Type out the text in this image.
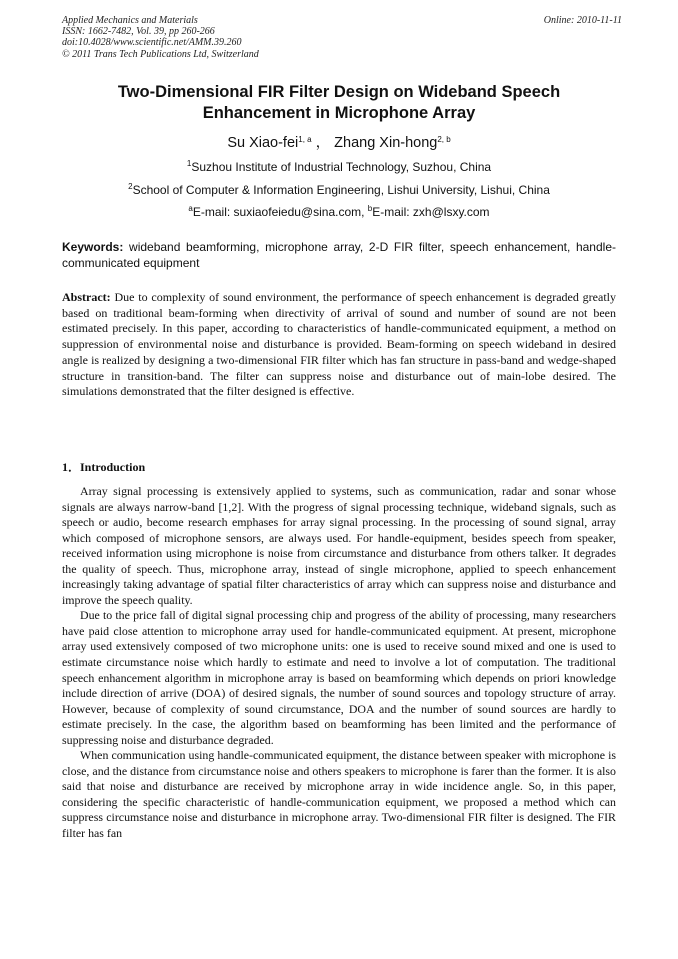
Applied Mechanics and Materials
ISSN: 1662-7482, Vol. 39, pp 260-266
doi:10.4028/www.scientific.net/AMM.39.260
© 2011 Trans Tech Publications Ltd, Switzerland
Online: 2010-11-11
Two-Dimensional FIR Filter Design on Wideband Speech
Enhancement in Microphone Array
Su Xiao-fei$^{1, a}$ ， Zhang Xin-hong$^{2, b}$
$^1$Suzhou Institute of Industrial Technology, Suzhou, China
$^2$School of Computer & Information Engineering, Lishui University, Lishui, China
$^a$E-mail: suxiaofeiedu@sina.com, $^b$E-mail: zxh@lsxy.com
Keywords: wideband beamforming, microphone array, 2-D FIR filter, speech enhancement, handle-communicated equipment
Abstract: Due to complexity of sound environment, the performance of speech enhancement is degraded greatly based on traditional beam-forming when directivity of arrival of sound and number of sound are not been estimated precisely. In this paper, according to characteristics of handle-communicated equipment, a method on suppression of environmental noise and disturbance is provided. Beam-forming on speech wideband in desired angle is realized by designing a two-dimensional FIR filter which has fan structure in pass-band and wedge-shaped structure in transition-band. The filter can suppress noise and disturbance out of main-lobe desired. The simulations demonstrated that the filter designed is effective.
1．Introduction

Array signal processing is extensively applied to systems, such as communication, radar and sonar whose signals are always narrow-band [1,2]. With the progress of signal processing technique, wideband signals, such as speech or audio, become research emphases for array signal processing. In the processing of sound signal, array which composed of microphone sensors, are always used. For handle-equipment, besides speech from speaker, received information using microphone is noise from circumstance and disturbance from others talker. It degrades the quality of speech. Thus, microphone array, instead of single microphone, applied to speech enhancement increasingly taking advantage of spatial filter characteristics of array which can suppress noise and disturbance and improve the speech quality.

Due to the price fall of digital signal processing chip and progress of the ability of processing, many researchers have paid close attention to microphone array used for handle-communicated equipment. At present, microphone array used extensively composed of two microphone units: one is used to receive sound mixed and one is used to estimate circumstance noise which hardly to estimate and need to involve a lot of computation. The traditional speech enhancement algorithm in microphone array is based on beamforming which depends on priori knowledge include direction of arrive (DOA) of desired signals, the number of sound sources and topology structure of array. However, because of complexity of sound circumstance, DOA and the number of sound sources are hardly to estimate precisely. In the case, the algorithm based on beamforming has been limited and the performance of suppressing noise and disturbance degraded.

When communication using handle-communicated equipment, the distance between speaker with microphone is close, and the distance from circumstance noise and others speakers to microphone is farer than the former. It is also said that noise and disturbance are received by microphone array in wide incidence angle. So, in this paper, considering the specific characteristic of handle-communication equipment, we proposed a method which can suppress circumstance noise and disturbance in microphone array. Two-dimensional FIR filter is designed. The FIR filter has fan
